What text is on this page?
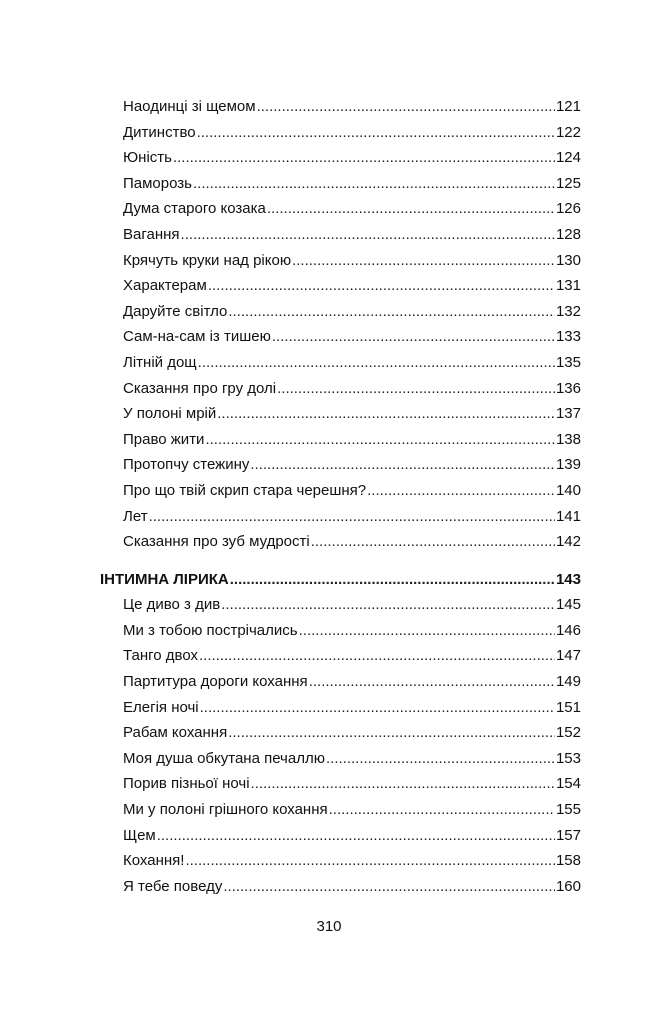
Наодинці зі щемом .....	121
Дитинство .....	122
Юність .....	124
Паморозь .....	125
Дума старого козака .....	126
Вагання .....	128
Крячуть круки над рікою .....	130
Характерам .....	131
Даруйте світло .....	132
Сам-на-сам із тишею .....	133
Літній дощ .....	135
Сказання про гру долі .....	136
У полоні мрій .....	137
Право жити .....	138
Протопчу стежину .....	139
Про що твій скрип стара черешня? .....	140
Лет .....	141
Сказання про зуб мудрості .....	142
ІНТИМНА ЛІРИКА .....	143
Це диво з див .....	145
Ми з тобою пострічались .....	146
Танго двох .....	147
Партитура дороги кохання .....	149
Елегія ночі .....	151
Рабам кохання .....	152
Моя душа обкутана печаллю .....	153
Порив пізньої ночі .....	154
Ми у полоні грішного кохання .....	155
Щем .....	157
Кохання! .....	158
Я тебе поведу .....	160
310
